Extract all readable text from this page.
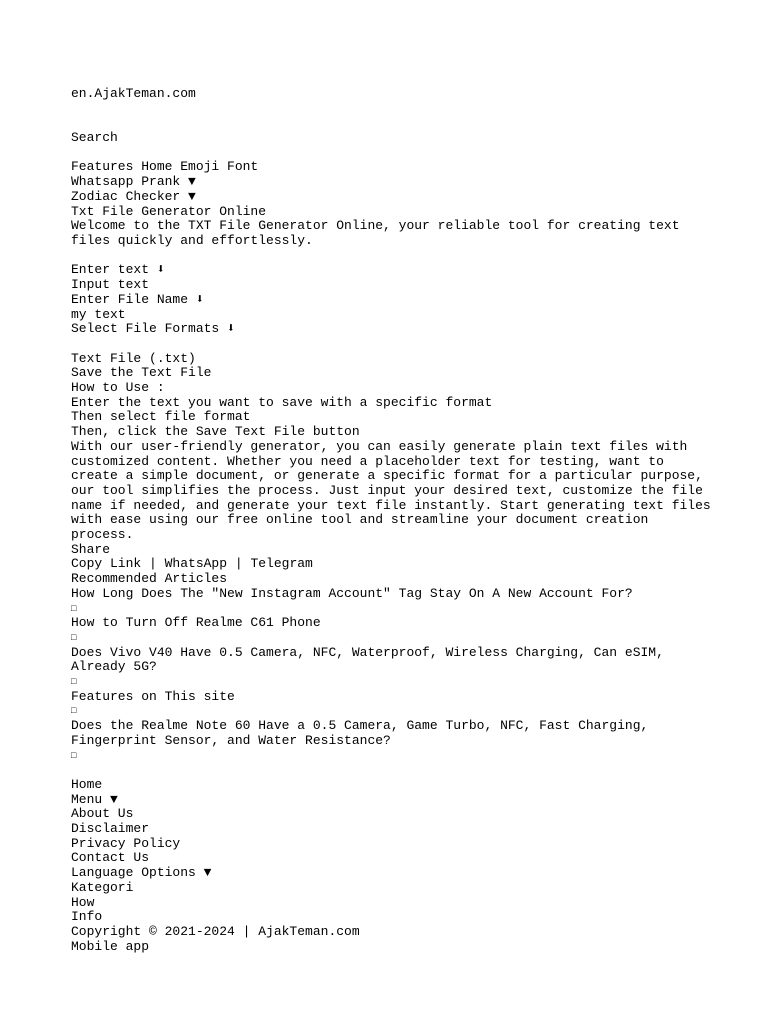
en.AjakTeman.com
Search
Features Home Emoji Font
Whatsapp Prank ▼
Zodiac Checker ▼
Txt File Generator Online
Welcome to the TXT File Generator Online, your reliable tool for creating text files quickly and effortlessly.
Enter text ⬇
Input text
Enter File Name ⬇
my text
Select File Formats ⬇
Text File (.txt)
Save the Text File
How to Use :
Enter the text you want to save with a specific format
Then select file format
Then, click the Save Text File button
With our user-friendly generator, you can easily generate plain text files with customized content. Whether you need a placeholder text for testing, want to create a simple document, or generate a specific format for a particular purpose, our tool simplifies the process. Just input your desired text, customize the file name if needed, and generate your text file instantly. Start generating text files with ease using our free online tool and streamline your document creation process.
Share
Copy Link | WhatsApp | Telegram
Recommended Articles
How Long Does The "New Instagram Account" Tag Stay On A New Account For?
□
How to Turn Off Realme C61 Phone
□
Does Vivo V40 Have 0.5 Camera, NFC, Waterproof, Wireless Charging, Can eSIM, Already 5G?
□
Features on This site
□
Does the Realme Note 60 Have a 0.5 Camera, Game Turbo, NFC, Fast Charging, Fingerprint Sensor, and Water Resistance?
□
Home
Menu ▼
About Us
Disclaimer
Privacy Policy
Contact Us
Language Options ▼
Kategori
How
Info
Copyright © 2021-2024 | AjakTeman.com
Mobile app
